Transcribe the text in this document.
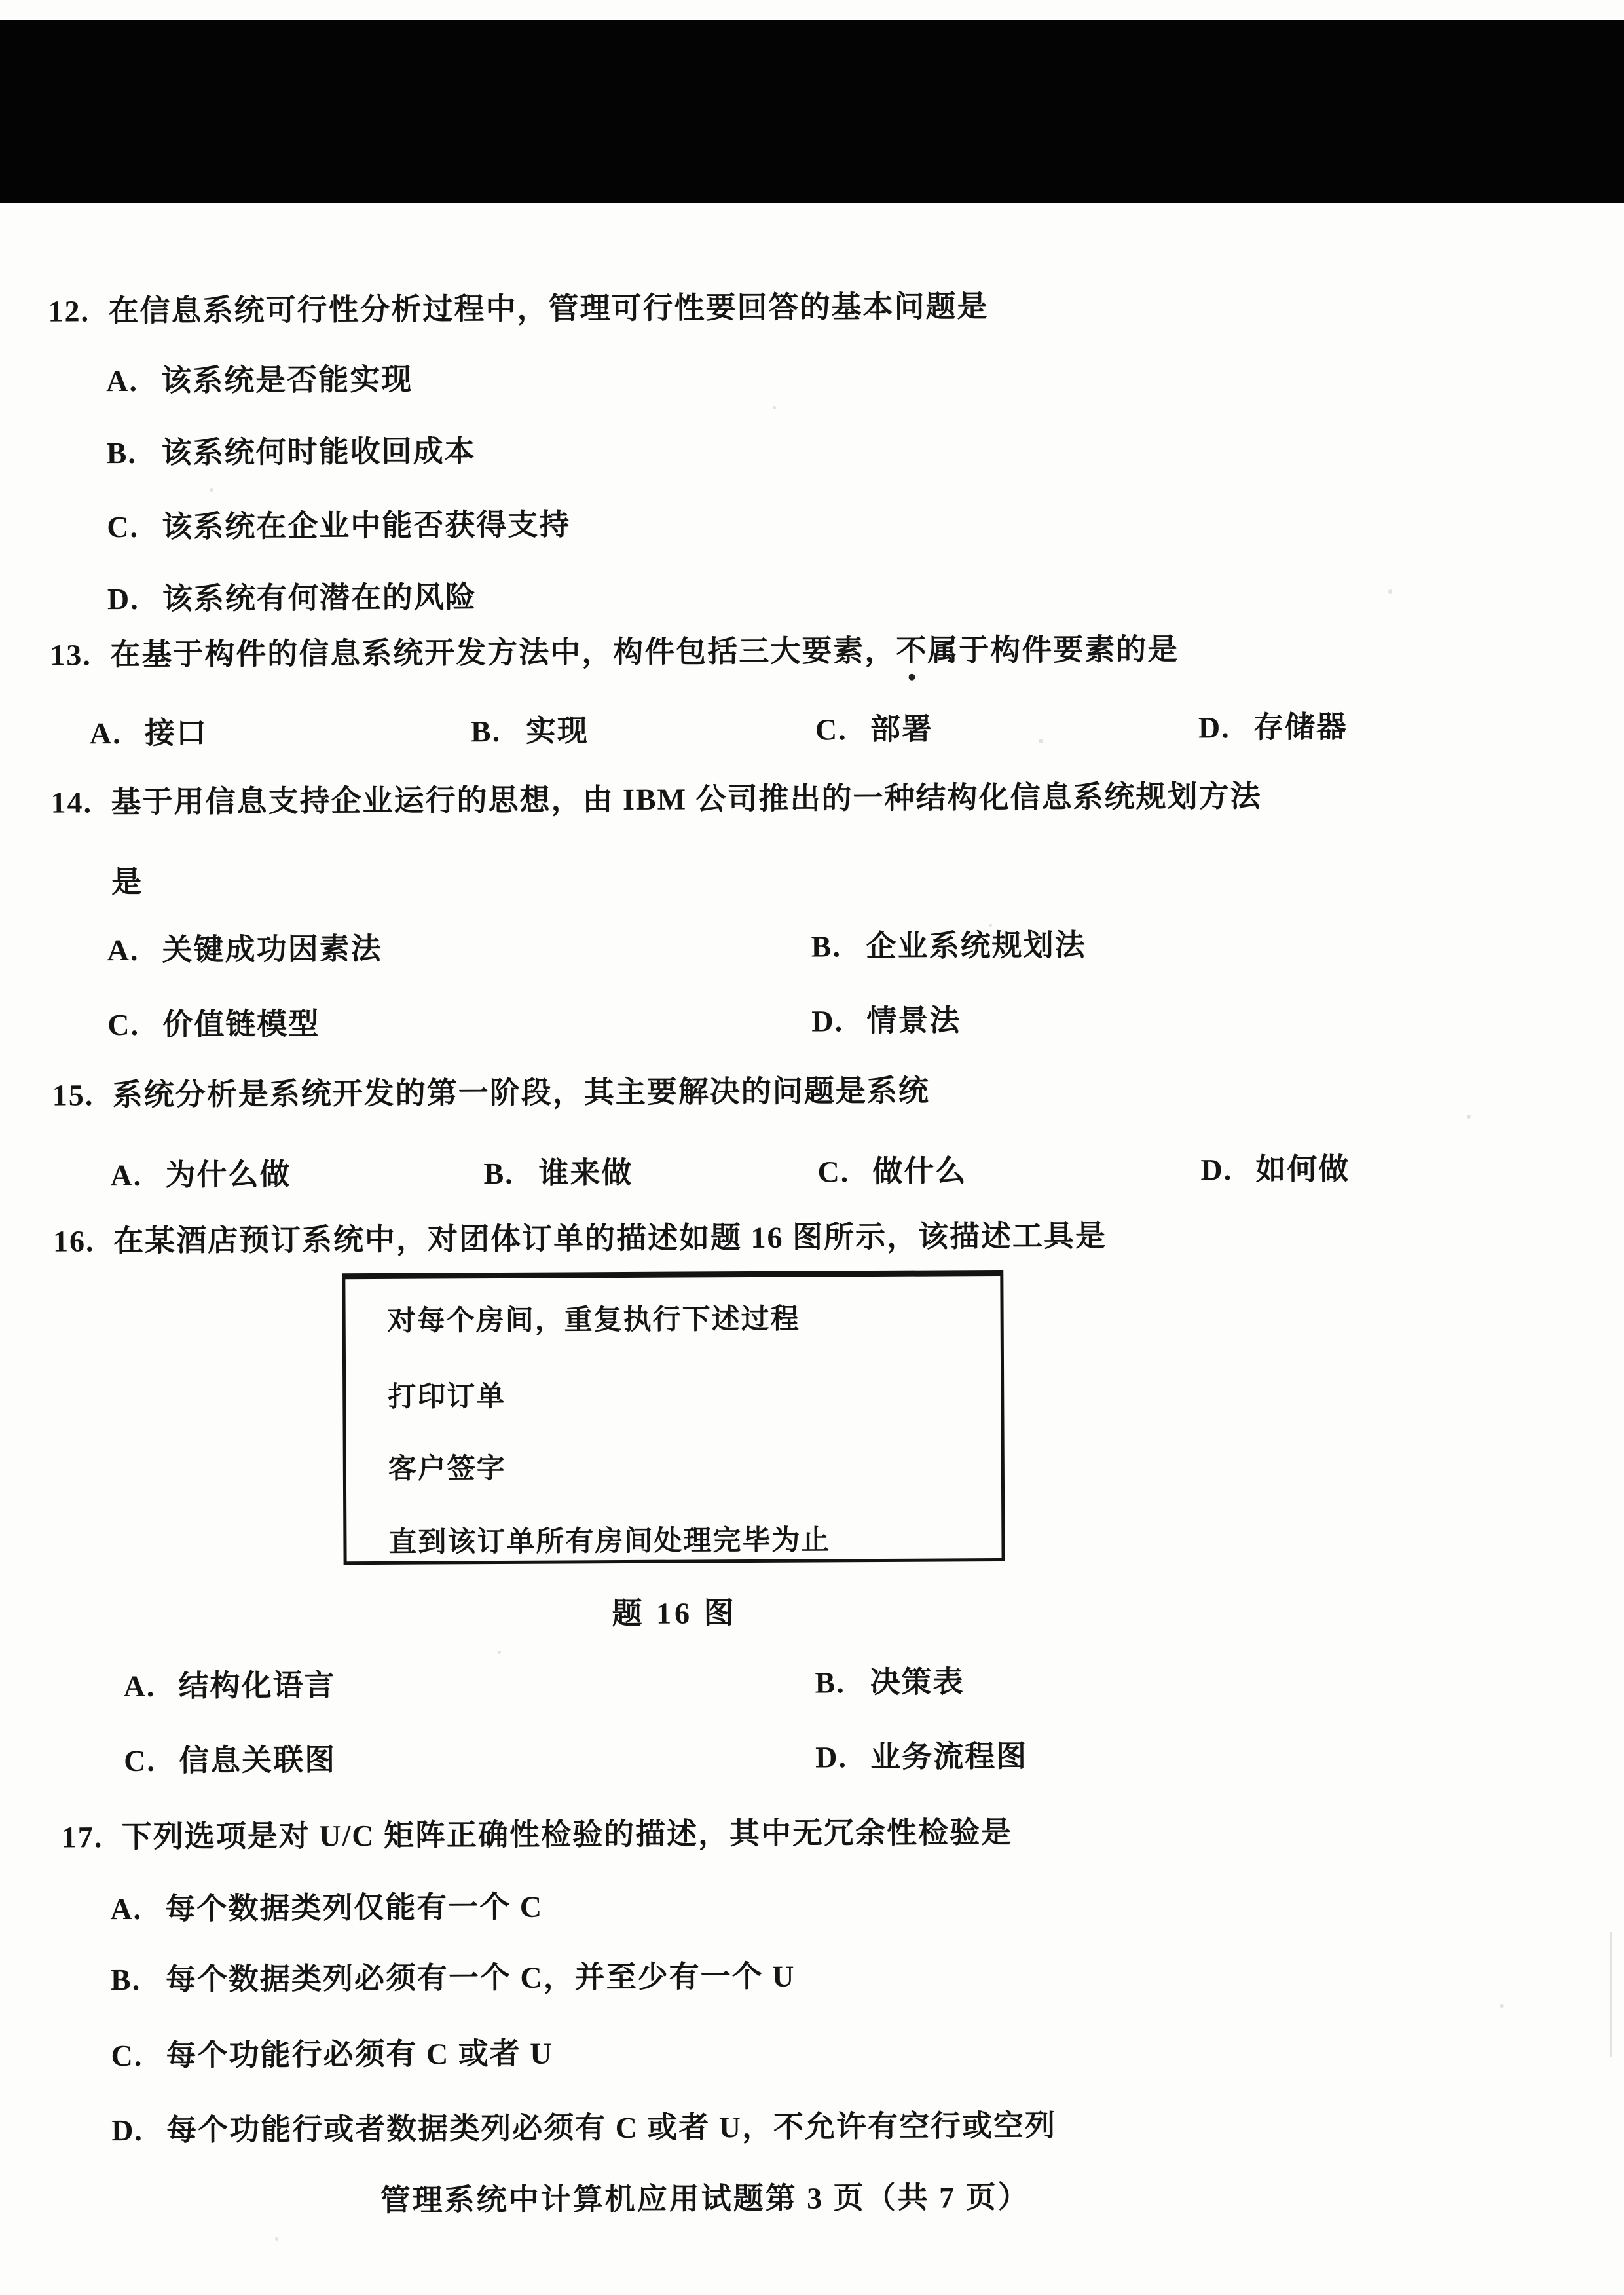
12. 在信息系统可行性分析过程中，管理可行性要回答的基本问题是
A. 该系统是否能实现
B. 该系统何时能收回成本
C. 该系统在企业中能否获得支持
D. 该系统有何潜在的风险
13. 在基于构件的信息系统开发方法中，构件包括三大要素，不属于构件要素的是
A. 接口	B. 实现	C. 部署	D. 存储器
14. 基于用信息支持企业运行的思想，由 IBM 公司推出的一种结构化信息系统规划方法
是
A. 关键成功因素法	B. 企业系统规划法
C. 价值链模型	D. 情景法
15. 系统分析是系统开发的第一阶段，其主要解决的问题是系统
A. 为什么做	B. 谁来做	C. 做什么	D. 如何做
16. 在某酒店预订系统中，对团体订单的描述如题 16 图所示，该描述工具是
对每个房间，重复执行下述过程
打印订单
客户签字
直到该订单所有房间处理完毕为止
题 16 图
A. 结构化语言	B. 决策表
C. 信息关联图	D. 业务流程图
17. 下列选项是对 U/C 矩阵正确性检验的描述，其中无冗余性检验是
A. 每个数据类列仅能有一个 C
B. 每个数据类列必须有一个 C，并至少有一个 U
C. 每个功能行必须有 C 或者 U
D. 每个功能行或者数据类列必须有 C 或者 U，不允许有空行或空列
管理系统中计算机应用试题第 3 页（共 7 页）
